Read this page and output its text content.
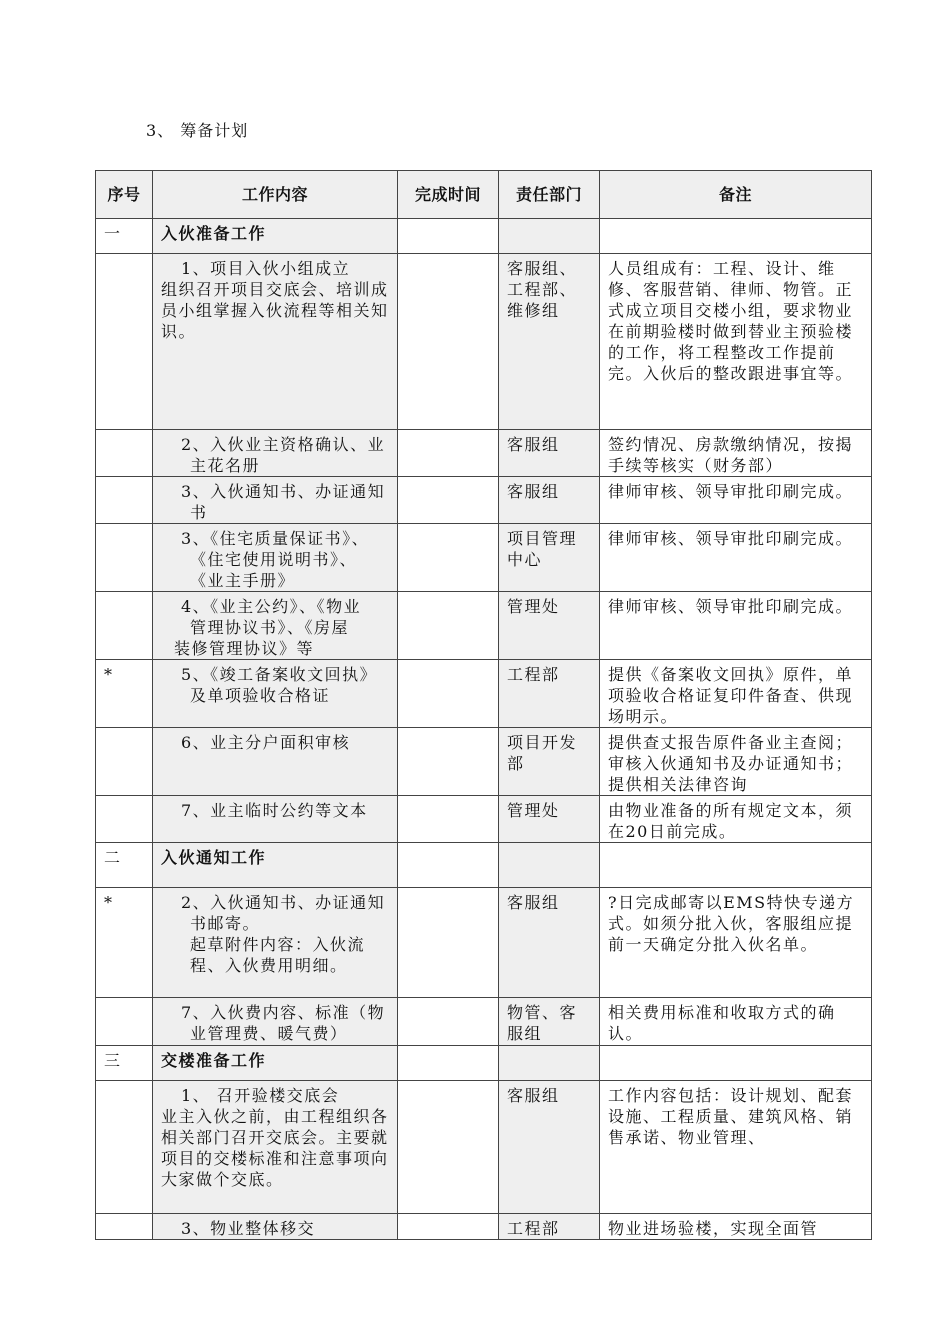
3、 筹备计划
序号	工作内容	完成时间	责任部门	备注
一	入伙准备工作			

	1、项目入伙小组成立
组织召开项目交底会、培训成员小组掌握入伙流程等相关知识。		客服组、工程部、维修组	人员组成有：工程、设计、维修、客服营销、律师、物管。正式成立项目交楼小组，要求物业在前期验楼时做到替业主预验楼的工作，将工程整改工作提前完。入伙后的整改跟进事宜等。

	2、入伙业主资格确认、业
主花名册		客服组	签约情况、房款缴纳情况，按揭手续等核实（财务部）

	3、入伙通知书、办证通知
书		客服组	律师审核、领导审批印刷完成。

	3、《住宅质量保证书》、
《住宅使用说明书》、
《业主手册》		项目管理中心	律师审核、领导审批印刷完成。

	4、《业主公约》、《物业
管理协议书》、《房屋
装修管理协议》等		管理处	律师审核、领导审批印刷完成。
*	5、《竣工备案收文回执》
及单项验收合格证		工程部	提供《备案收文回执》原件，单项验收合格证复印件备查、供现场明示。

	6、业主分户面积审核		项目开发部	提供查丈报告原件备业主查阅；审核入伙通知书及办证通知书；提供相关法律咨询

	7、业主临时公约等文本		管理处	由物业准备的所有规定文本，须在20日前完成。
二	入伙通知工作			
*	2、入伙通知书、办证通知
书邮寄。
起草附件内容：入伙流
程、入伙费用明细。		客服组	?日完成邮寄以EMS特快专递方式。如须分批入伙，客服组应提前一天确定分批入伙名单。

	7、入伙费内容、标准（物
业管理费、暖气费）		物管、客服组	相关费用标准和收取方式的确认。
三	交楼准备工作			

	1、 召开验楼交底会
业主入伙之前，由工程组织各相关部门召开交底会。主要就项目的交楼标准和注意事项向大家做个交底。		客服组	工作内容包括：设计规划、配套设施、工程质量、建筑风格、销售承诺、物业管理、

	3、物业整体移交		工程部	物业进场验楼，实现全面管
